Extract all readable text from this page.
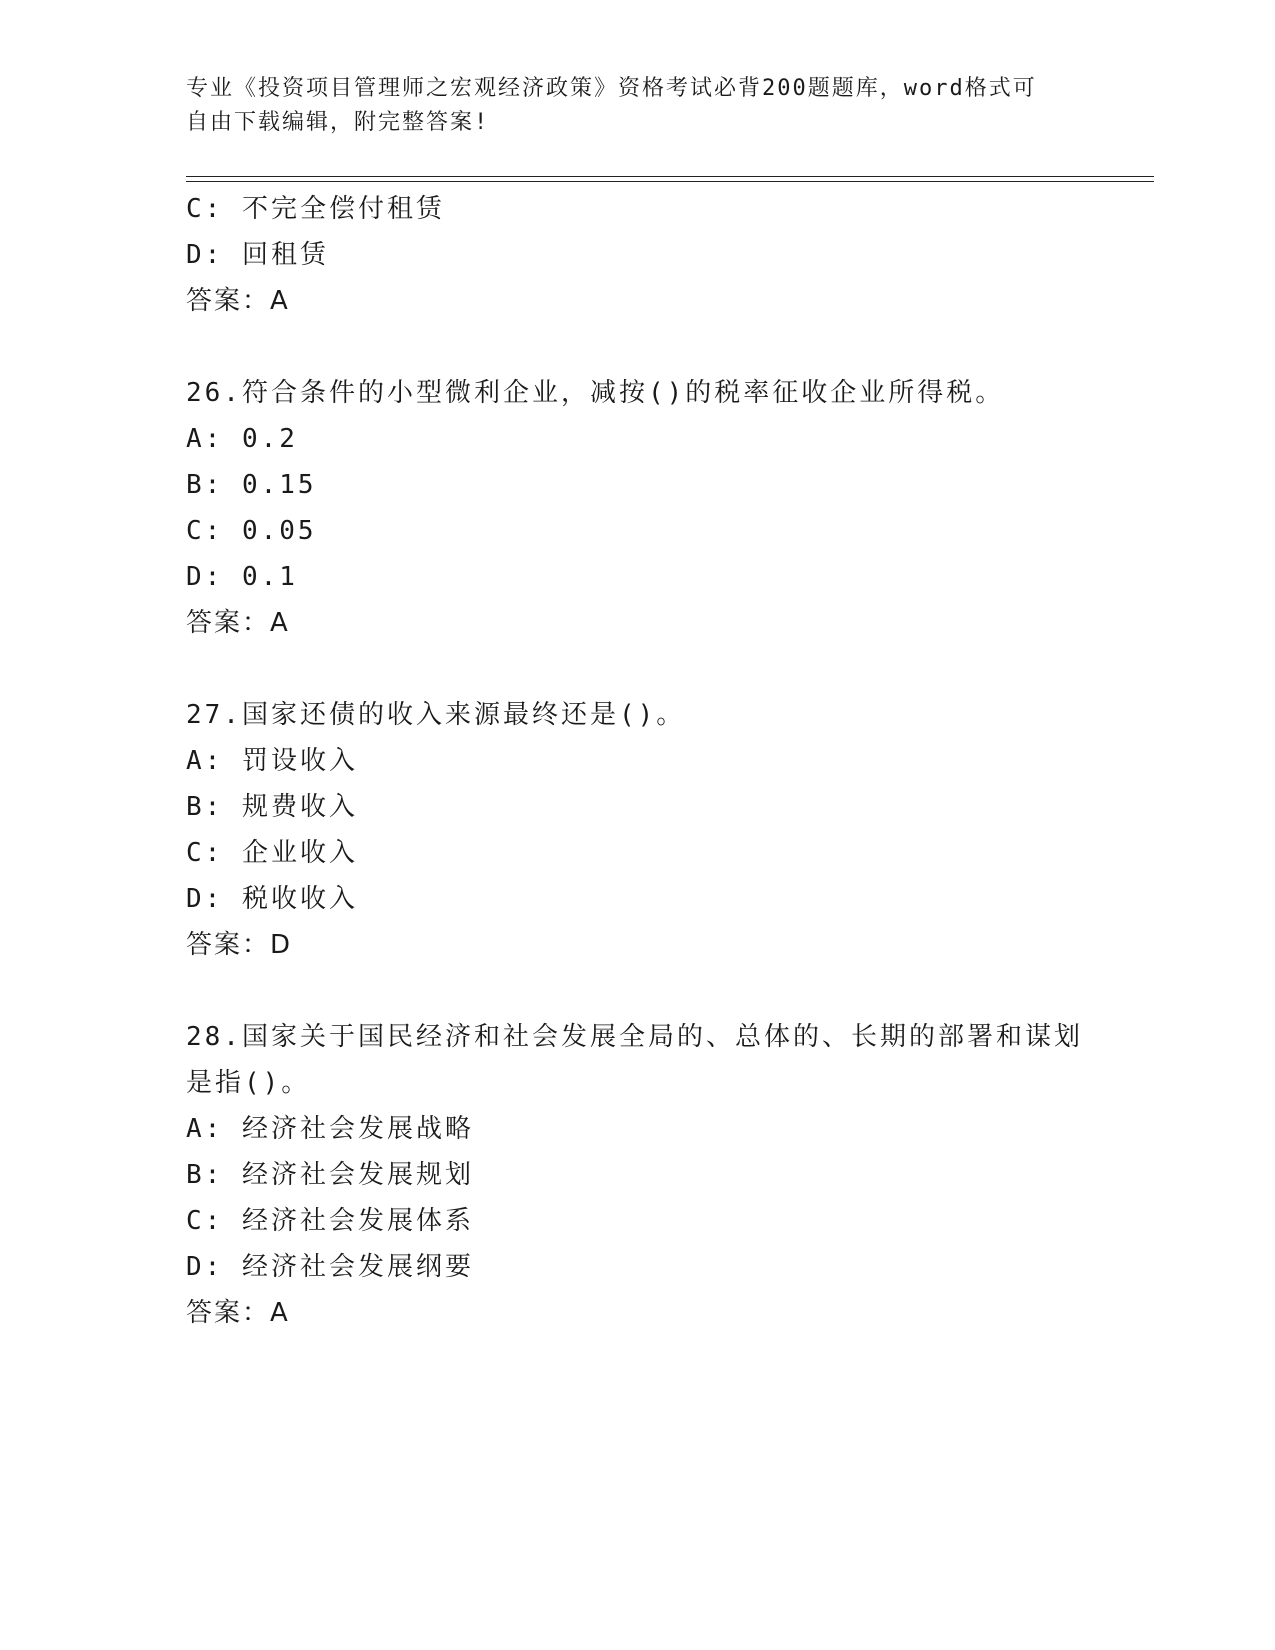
专业《投资项目管理师之宏观经济政策》资格考试必背200题题库，word格式可
自由下载编辑，附完整答案!
C: 不完全偿付租赁
D: 回租赁
答案：A
26.符合条件的小型微利企业，减按()的税率征收企业所得税。
A: 0.2
B: 0.15
C: 0.05
D: 0.1
答案：A
27.国家还债的收入来源最终还是()。
A: 罚设收入
B: 规费收入
C: 企业收入
D: 税收收入
答案：D
28.国家关于国民经济和社会发展全局的、总体的、长期的部署和谋划
是指()。
A: 经济社会发展战略
B: 经济社会发展规划
C: 经济社会发展体系
D: 经济社会发展纲要
答案：A
